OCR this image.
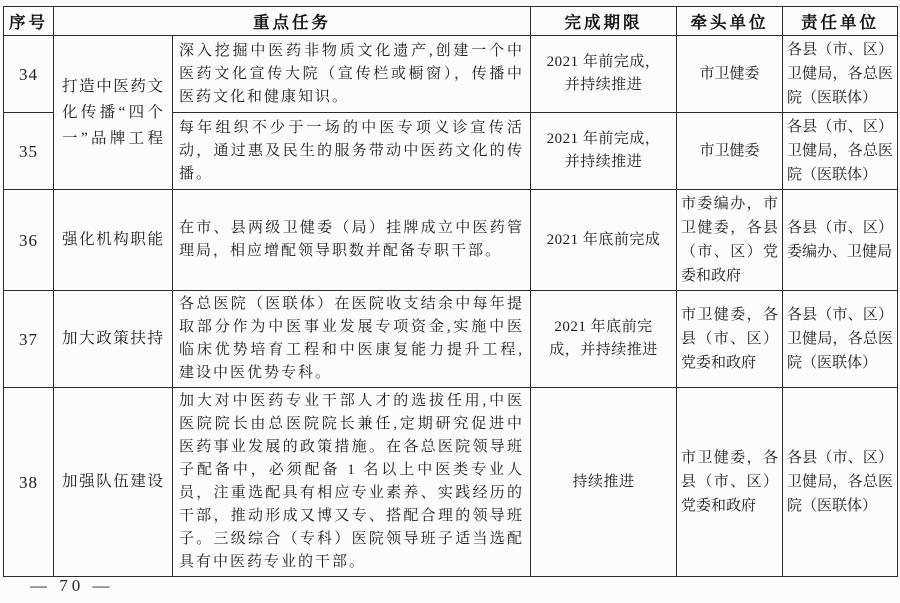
序号	重点任务		完成期限	牵头单位	责任单位
34	打造中医药文化传播“四个一”品牌工程	深入挖掘中医药非物质文化遗产,创建一个中医药文化宣传大院（宣传栏或橱窗），传播中医药文化和健康知识。	2021 年前完成，并持续推进	市卫健委	各县（市、区）卫健局，各总医院（医联体）
35		每年组织不少于一场的中医专项义诊宣传活动，通过惠及民生的服务带动中医药文化的传播。	2021 年前完成，并持续推进	市卫健委	各县（市、区）卫健局，各总医院（医联体）
36	强化机构职能	在市、县两级卫健委（局）挂牌成立中医药管理局，相应增配领导职数并配备专职干部。	2021 年底前完成	市委编办，市卫健委，各县（市、区）党委和政府	各县（市、区）委编办、卫健局
37	加大政策扶持	各总医院（医联体）在医院收支结余中每年提取部分作为中医事业发展专项资金,实施中医临床优势培育工程和中医康复能力提升工程,建设中医优势专科。	2021 年底前完成，并持续推进	市卫健委，各县（市、区）党委和政府	各县（市、区）卫健局，各总医院（医联体）
38	加强队伍建设	加大对中医药专业干部人才的选拔任用,中医医院院长由总医院院长兼任,定期研究促进中医药事业发展的政策措施。在各总医院领导班子配备中，必须配备 1 名以上中医类专业人员，注重选配具有相应专业素养、实践经历的干部，推动形成又博又专、搭配合理的领导班子。三级综合（专科）医院领导班子适当选配具有中医药专业的干部。	持续推进	市卫健委，各县（市、区）党委和政府	各县（市、区）卫健局，各总医院（医联体）
— 70 —
